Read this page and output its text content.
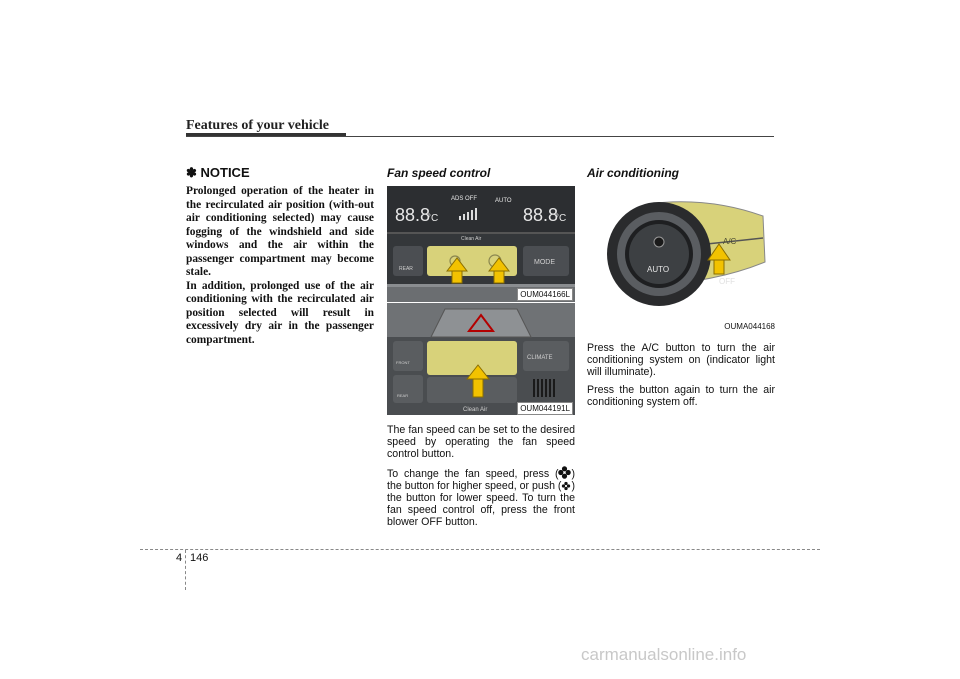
Features of your vehicle
✽ NOTICE

Prolonged operation of the heater in the recirculated air position (with-out air conditioning selected) may cause fogging of the windshield and side windows and the air within the passenger compartment may become stale.

In addition, prolonged use of the air conditioning with the recirculated air position selected will result in excessively dry air in the passenger compartment.

Fan speed control
88.8
°C	88.8
°C
ADS OFF	AUTO
Clean Air
REAR
MODE
OUM044166L
CLIMATE
FRONT
REAR
Clean Air	OUM044191L

The fan speed can be set to the desired speed by operating the fan speed control button.

To change the fan speed, press ( ) the button for higher speed, or push ( ) the button for lower speed. To turn the fan speed control off, press the front blower OFF button.

Air conditioning
AUTO
A/C
OFF
OUMA044168

Press the A/C button to turn the air conditioning system on (indicator light will illuminate).

Press the button again to turn the air conditioning system off.

4 146
carmanualsonline.info
